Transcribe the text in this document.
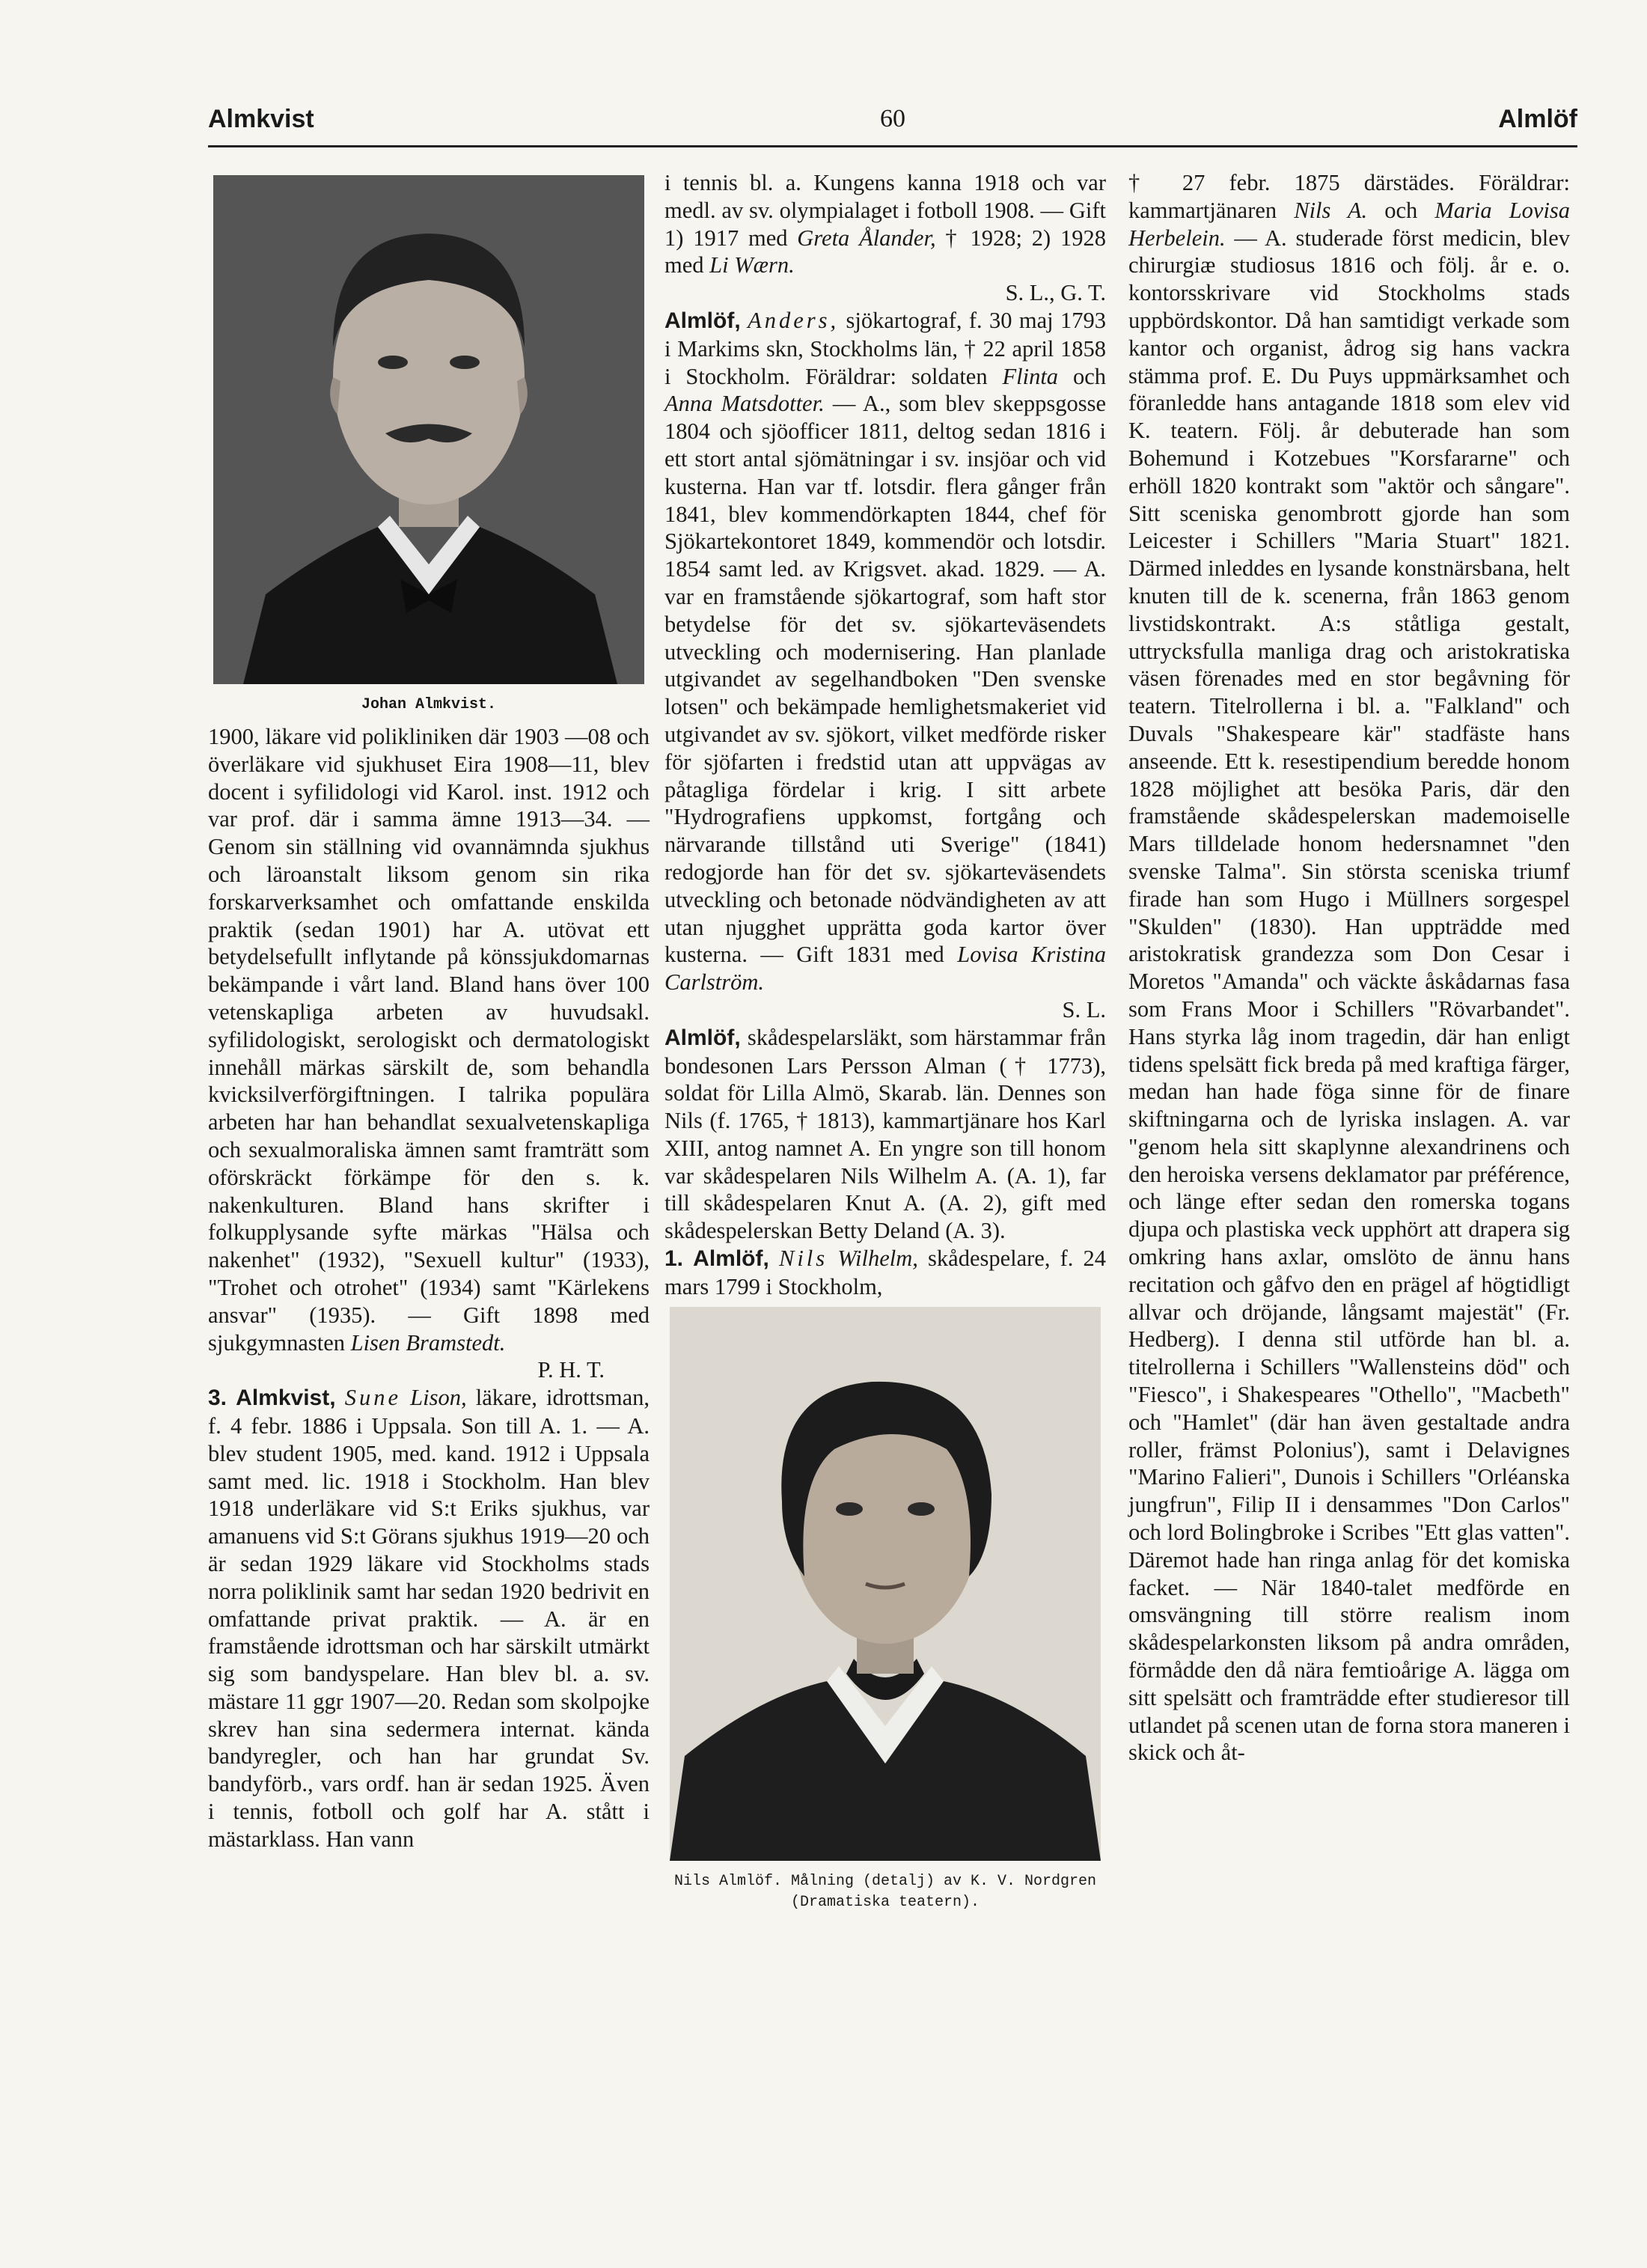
Almkvist	60	Almlöf
Johan Almkvist.

1900, läkare vid polikliniken där 1903 —08 och överläkare vid sjukhuset Eira 1908—11, blev docent i syfilidologi vid Karol. inst. 1912 och var prof. där i samma ämne 1913—34. — Genom sin ställning vid ovannämnda sjukhus och läroanstalt liksom genom sin rika forskarverksamhet och omfattande enskilda praktik (sedan 1901) har A. utövat ett betydelsefullt inflytande på könssjukdomarnas bekämpande i vårt land. Bland hans över 100 vetenskapliga arbeten av huvudsakl. syfilidologiskt, serologiskt och dermatologiskt innehåll märkas särskilt de, som behandla kvicksilverförgiftningen. I talrika populära arbeten har han behandlat sexualvetenskapliga och sexualmoraliska ämnen samt framträtt som oförskräckt förkämpe för den s. k. nakenkulturen. Bland hans skrifter i folkupplysande syfte märkas "Hälsa och nakenhet" (1932), "Sexuell kultur" (1933), "Trohet och otrohet" (1934) samt "Kärlekens ansvar" (1935). — Gift 1898 med sjukgymnasten Lisen Bramstedt.

P. H. T.

3. Almkvist, Sune Lison, läkare, idrottsman, f. 4 febr. 1886 i Uppsala. Son till A. 1. — A. blev student 1905, med. kand. 1912 i Uppsala samt med. lic. 1918 i Stockholm. Han blev 1918 underläkare vid S:t Eriks sjukhus, var amanuens vid S:t Görans sjukhus 1919—20 och är sedan 1929 läkare vid Stockholms stads norra poliklinik samt har sedan 1920 bedrivit en omfattande privat praktik. — A. är en framstående idrottsman och har särskilt utmärkt sig som bandyspelare. Han blev bl. a. sv. mästare 11 ggr 1907—20. Redan som skolpojke skrev han sina sedermera internat. kända bandyregler, och han har grundat Sv. bandyförb., vars ordf. han är sedan 1925. Även i tennis, fotboll och golf har A. stått i mästarklass. Han vann

i tennis bl. a. Kungens kanna 1918 och var medl. av sv. olympialaget i fotboll 1908. — Gift 1) 1917 med Greta Ålander, † 1928; 2) 1928 med Li Wærn.

S. L., G. T.

Almlöf, Anders, sjökartograf, f. 30 maj 1793 i Markims skn, Stockholms län, † 22 april 1858 i Stockholm. Föräldrar: soldaten Flinta och Anna Matsdotter. — A., som blev skeppsgosse 1804 och sjöofficer 1811, deltog sedan 1816 i ett stort antal sjömätningar i sv. insjöar och vid kusterna. Han var tf. lotsdir. flera gånger från 1841, blev kommendörkapten 1844, chef för Sjökartekontoret 1849, kommendör och lotsdir. 1854 samt led. av Krigsvet. akad. 1829. — A. var en framstående sjökartograf, som haft stor betydelse för det sv. sjökarteväsendets utveckling och modernisering. Han planlade utgivandet av segelhandboken "Den svenske lotsen" och bekämpade hemlighetsmakeriet vid utgivandet av sv. sjökort, vilket medförde risker för sjöfarten i fredstid utan att uppvägas av påtagliga fördelar i krig. I sitt arbete "Hydrografiens uppkomst, fortgång och närvarande tillstånd uti Sverige" (1841) redogjorde han för det sv. sjökarteväsendets utveckling och betonade nödvändigheten av att utan njugghet upprätta goda kartor över kusterna. — Gift 1831 med Lovisa Kristina Carlström.

S. L.

Almlöf, skådespelarsläkt, som härstammar från bondesonen Lars Persson Alman († 1773), soldat för Lilla Almö, Skarab. län. Dennes son Nils (f. 1765, † 1813), kammartjänare hos Karl XIII, antog namnet A. En yngre son till honom var skådespelaren Nils Wilhelm A. (A. 1), far till skådespelaren Knut A. (A. 2), gift med skådespelerskan Betty Deland (A. 3).

1. Almlöf, Nils Wilhelm, skådespelare, f. 24 mars 1799 i Stockholm,

Nils Almlöf. Målning (detalj) av K. V. Nordgren (Dramatiska teatern).

† 27 febr. 1875 därstädes. Föräldrar: kammartjänaren Nils A. och Maria Lovisa Herbelein. — A. studerade först medicin, blev chirurgiæ studiosus 1816 och följ. år e. o. kontorsskrivare vid Stockholms stads uppbördskontor. Då han samtidigt verkade som kantor och organist, ådrog sig hans vackra stämma prof. E. Du Puys uppmärksamhet och föranledde hans antagande 1818 som elev vid K. teatern. Följ. år debuterade han som Bohemund i Kotzebues "Korsfararne" och erhöll 1820 kontrakt som "aktör och sångare". Sitt sceniska genombrott gjorde han som Leicester i Schillers "Maria Stuart" 1821. Därmed inleddes en lysande konstnärsbana, helt knuten till de k. scenerna, från 1863 genom livstidskontrakt. A:s ståtliga gestalt, uttrycksfulla manliga drag och aristokratiska väsen förenades med en stor begåvning för teatern. Titelrollerna i bl. a. "Falkland" och Duvals "Shakespeare kär" stadfäste hans anseende. Ett k. resestipendium beredde honom 1828 möjlighet att besöka Paris, där den framstående skådespelerskan mademoiselle Mars tilldelade honom hedersnamnet "den svenske Talma". Sin största sceniska triumf firade han som Hugo i Müllners sorgespel "Skulden" (1830). Han uppträdde med aristokratisk grandezza som Don Cesar i Moretos "Amanda" och väckte åskådarnas fasa som Frans Moor i Schillers "Rövarbandet". Hans styrka låg inom tragedin, där han enligt tidens spelsätt fick breda på med kraftiga färger, medan han hade föga sinne för de finare skiftningarna och de lyriska inslagen. A. var "genom hela sitt skaplynne alexandrinens och den heroiska versens deklamator par préférence, och länge efter sedan den romerska togans djupa och plastiska veck upphört att drapera sig omkring hans axlar, omslöto de ännu hans recitation och gåfvo den en prägel af högtidligt allvar och dröjande, långsamt majestät" (Fr. Hedberg). I denna stil utförde han bl. a. titelrollerna i Schillers "Wallensteins död" och "Fiesco", i Shakespeares "Othello", "Macbeth" och "Hamlet" (där han även gestaltade andra roller, främst Polonius'), samt i Delavignes "Marino Falieri", Dunois i Schillers "Orléanska jungfrun", Filip II i densammes "Don Carlos" och lord Bolingbroke i Scribes "Ett glas vatten". Däremot hade han ringa anlag för det komiska facket. — När 1840-talet medförde en omsvängning till större realism inom skådespelarkonsten liksom på andra områden, förmådde den då nära femtioårige A. lägga om sitt spelsätt och framträdde efter studieresor till utlandet på scenen utan de forna stora maneren i skick och åt-
